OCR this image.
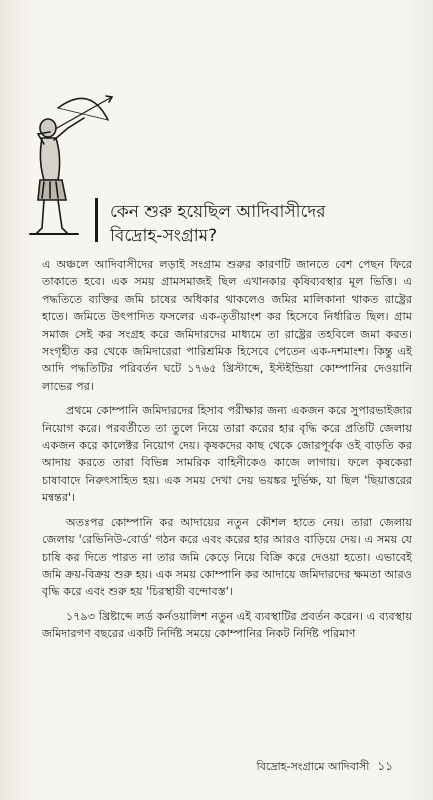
কেন শুরু হয়েছিল আদিবাসীদের
বিদ্রোহ-সংগ্রাম?

এ অঞ্চলে আদিবাসীদের লড়াই সংগ্রাম শুরুর কারণটি জানতে বেশ পেছন ফিরে তাকাতে হবে। এক সময় গ্রামসমাজই ছিল এখানকার কৃষিব্যবস্থার মূল ভিত্তি। এ পদ্ধতিতে ব্যক্তির জমি চাষের অধিকার থাকলেও জমির মালিকানা থাকত রাষ্ট্রের হাতে। জমিতে উৎপাদিত ফসলের এক-তৃতীয়াংশ কর হিসেবে নির্ধারিত ছিল। গ্রাম সমাজ সেই কর সংগ্রহ করে জমিদারদের মাধ্যমে তা রাষ্ট্রের তহবিলে জমা করত। সংগৃহীত কর থেকে জমিদারেরা পারিশ্রমিক হিসেবে পেতেন এক-দশমাংশ। কিন্তু এই আদি পদ্ধতিটির পরিবর্তন ঘটে ১৭৬৫ খ্রিস্টাব্দে, ইস্টইন্ডিয়া কোম্পানির দেওয়ানি লাভের পর।

প্রথমে কোম্পানি জমিদারদের হিসাব পরীক্ষার জন্য একজন করে সুপারভাইজার নিয়োগ করে। পরবর্তীতে তা তুলে নিয়ে তারা করের হার বৃদ্ধি করে প্রতিটি জেলায় একজন করে কালেক্টর নিয়োগ দেয়। কৃষকদের কাছ থেকে জোরপূর্বক ওই বাড়তি কর আদায় করতে তারা বিভিন্ন সামরিক বাহিনীকেও কাজে লাগায়। ফলে কৃষকেরা চাষাবাদে নিরুৎসাহিত হয়। এক সময় দেখা দেয় ভয়ঙ্কর দুর্ভিক্ষ, যা ছিল 'ছিয়াত্তরের মন্বন্তর'।

অতঃপর কোম্পানি কর আদায়ের নতুন কৌশল হাতে নেয়। তারা জেলায় জেলায় 'রেভিনিউ-বোর্ড' গঠন করে এবং করের হার আরও বাড়িয়ে দেয়। এ সময় যে চাষি কর দিতে পারত না তার জমি কেড়ে নিয়ে বিক্রি করে দেওয়া হতো। এভাবেই জমি ক্রয়-বিক্রয় শুরু হয়। এক সময় কোম্পানি কর আদায়ে জমিদারদের ক্ষমতা আরও বৃদ্ধি করে এবং শুরু হয় 'চিরস্থায়ী বন্দোবস্ত'।

১৭৯৩ খ্রিষ্টাব্দে লর্ড কর্নওয়ালিশ নতুন এই ব্যবস্থাটির প্রবর্তন করেন। এ ব্যবস্থায় জমিদারগণ বছরের একটি নির্দিষ্ট সময়ে কোম্পানির নিকট নির্দিষ্ট পরিমাণ

বিদ্রোহ-সংগ্রামে আদিবাসী ১১
